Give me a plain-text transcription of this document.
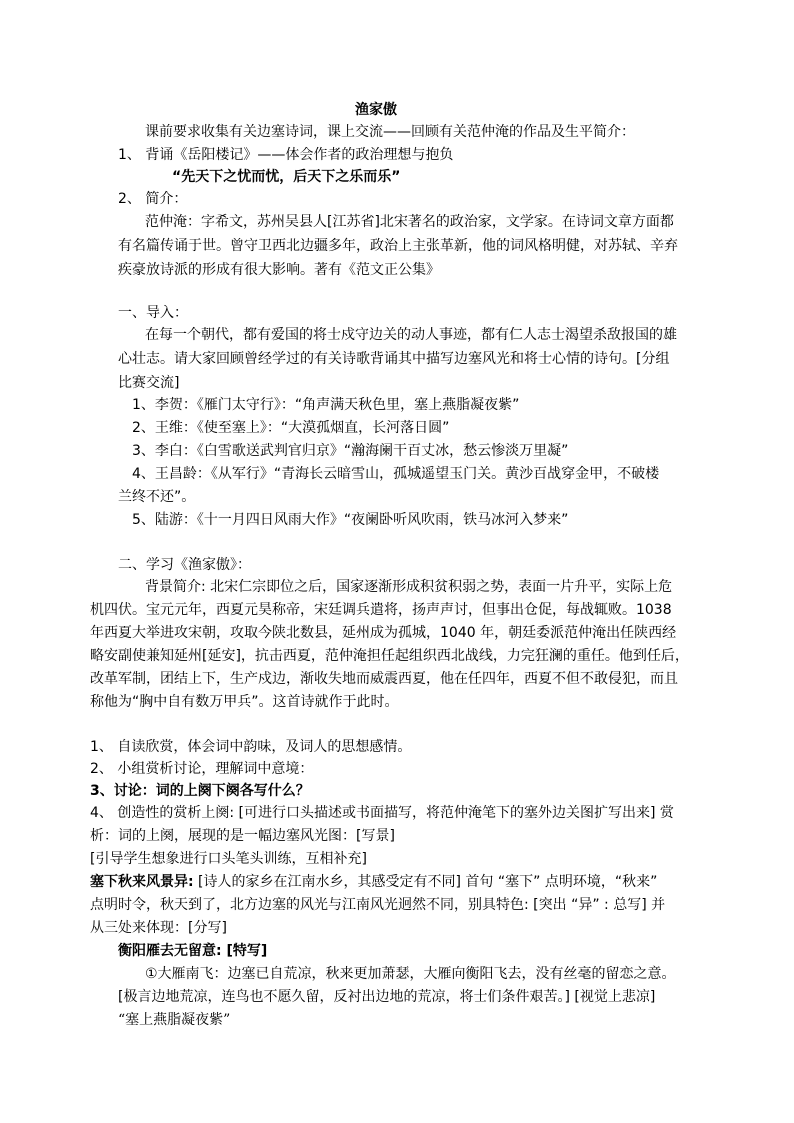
渔家傲
课前要求收集有关边塞诗词，课上交流——回顾有关范仲淹的作品及生平简介：
1、 背诵《岳阳楼记》——体会作者的政治理想与抱负
“先天下之忧而忧，后天下之乐而乐”
2、 简介：
范仲淹：字希文，苏州吴县人[江苏省]北宋著名的政治家，文学家。在诗词文章方面都
有名篇传诵于世。曾守卫西北边疆多年，政治上主张革新，他的词风格明健，对苏轼、辛弃
疾豪放诗派的形成有很大影响。著有《范文正公集》
一、导入：
在每一个朝代，都有爱国的将士戍守边关的动人事迹，都有仁人志士渴望杀敌报国的雄
心壮志。请大家回顾曾经学过的有关诗歌背诵其中描写边塞风光和将士心情的诗句。[分组
比赛交流]
1、李贺：《雁门太守行》：“角声满天秋色里，塞上燕脂凝夜紫”
2、王维：《使至塞上》：“大漠孤烟直，长河落日圆”
3、李白：《白雪歌送武判官归京》“瀚海阑干百丈冰，愁云惨淡万里凝”
4、王昌龄：《从军行》“青海长云暗雪山，孤城遥望玉门关。黄沙百战穿金甲，不破楼
兰终不还”。
5、陆游：《十一月四日风雨大作》“夜阑卧听风吹雨，铁马冰河入梦来”
二、学习《渔家傲》：
背景简介: 北宋仁宗即位之后，国家逐渐形成积贫积弱之势，表面一片升平，实际上危
机四伏。宝元元年，西夏元昊称帝，宋廷调兵遣将，扬声声讨，但事出仓促，每战辄败。1038
年西夏大举进攻宋朝，攻取今陕北数县，延州成为孤城，1040 年，朝廷委派范仲淹出任陕西经
略安副使兼知延州[延安]，抗击西夏，范仲淹担任起组织西北战线，力完狂澜的重任。他到任后，
改革军制，团结上下，生产戍边，渐收失地而威震西夏，他在任四年，西夏不但不敢侵犯，而且
称他为“胸中自有数万甲兵”。这首诗就作于此时。
1、 自读欣赏，体会词中韵味，及词人的思想感情。
2、 小组赏析讨论，理解词中意境：
3、讨论：词的上阕下阕各写什么？
4、 创造性的赏析上阕: [可进行口头描述或书面描写，将范仲淹笔下的塞外边关图扩写出来] 赏
析：词的上阕，展现的是一幅边塞风光图：[写景]
[引导学生想象进行口头笔头训练，互相补充]
塞下秋来风景异: [诗人的家乡在江南水乡，其感受定有不同] 首句 “塞下” 点明环境，“秋来”
点明时令，秋天到了，北方边塞的风光与江南风光迥然不同，别具特色: [突出 “异” : 总写] 并
从三处来体现：[分写]
衡阳雁去无留意: [特写]
①大雁南飞：边塞已自荒凉，秋来更加萧瑟，大雁向衡阳飞去，没有丝毫的留恋之意。
[极言边地荒凉，连鸟也不愿久留，反衬出边地的荒凉，将士们条件艰苦。] [视觉上悲凉]
“塞上燕脂凝夜紫”
